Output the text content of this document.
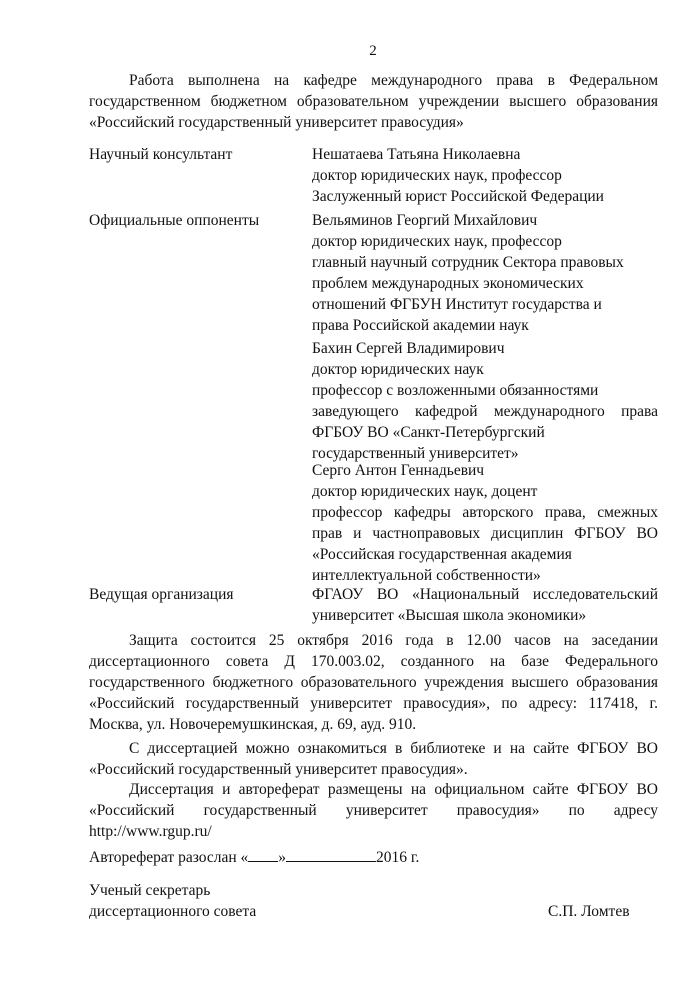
2
Работа выполнена на кафедре международного права в Федеральном государственном бюджетном образовательном учреждении высшего образования «Российский государственный университет правосудия»
Научный консультант	Нешатаева Татьяна Николаевна
доктор юридических наук, профессор
Заслуженный юрист Российской Федерации
Официальные оппоненты	Вельяминов Георгий Михайлович
доктор юридических наук, профессор
главный научный сотрудник Сектора правовых
проблем международных экономических
отношений ФГБУН Институт государства и
права Российской академии наук
Бахин Сергей Владимирович
доктор юридических наук
профессор с возложенными обязанностями
заведующего кафедрой международного права
ФГБОУ ВО «Санкт-Петербургский
государственный университет»
Серго Антон Геннадьевич
доктор юридических наук, доцент
профессор кафедры авторского права, смежных
прав и частноправовых дисциплин ФГБОУ ВО
«Российская государственная академия
интеллектуальной собственности»
Ведущая организация	ФГАОУ ВО «Национальный исследовательский
университет «Высшая школа экономики»
Защита состоится 25 октября 2016 года в 12.00 часов на заседании диссертационного совета Д 170.003.02, созданного на базе Федерального государственного бюджетного образовательного учреждения высшего образования «Российский государственный университет правосудия», по адресу: 117418, г. Москва, ул. Новочеремушкинская, д. 69, ауд. 910.
С диссертацией можно ознакомиться в библиотеке и на сайте ФГБОУ ВО «Российский государственный университет правосудия».
Диссертация и автореферат размещены на официальном сайте ФГБОУ ВО «Российский государственный университет правосудия» по адресу http://www.rgup.ru/
Автореферат разослан « »	2016 г.
Ученый секретарь
диссертационного совета	С.П. Ломтев
